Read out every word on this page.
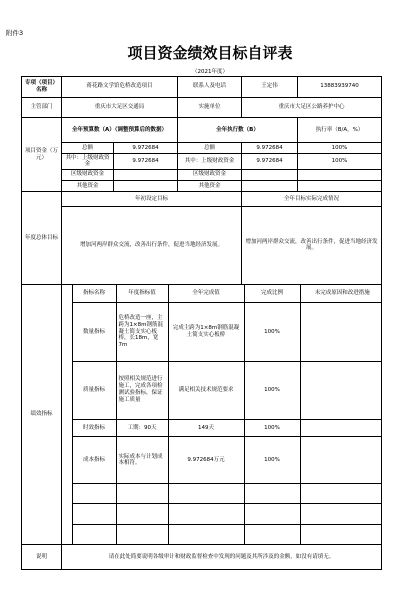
附件3
项目资金绩效目标自评表
（2021年度）
专项（项目）名称	蒋花路文学馆危桥改造项目	联系人及电话	王定伟	13883939740
主管部门	重庆市大足区交通局	实施单位	重庆市大足区公路养护中心
项目资金（万元）	全年预算数（A）（调整预算后的数据）	全年执行数（B）	执行率（B/A，%）
总额	9.972684	总额	9.972684	100%
其中：上级财政资金	9.972684	其中：上级财政资金	9.972684	100%
区级财政资金		区级财政资金		
其他资金		其他资金		
年度总体目标	年初设定目标	全年目标实际完成情况
增加河两岸群众交流，改善出行条件，促进当地经济发展。	增加河两岸群众交流，改善出行条件，促进当地经济发展。
绩效指标	
	指标名称	年度指标值	全年完成值	完成比例	未完成原因和改进措施
	数量指标	危桥改造一座，主跨为1×8m钢筋混凝土简支实心板桥，长18m，宽7m	完成主跨为1×8m钢筋混凝土简支实心板桥	100%	
	质量指标	按照相关规范进行施工，完成各项检测试验指标，保证施工质量	满足相关技术规范要求	100%	
	时效指标	工期：90天	149天	100%	
	成本指标	实际成本与计划成本相符。	9.972684万元	100%	

说明	请在此处简要说明各级审计和财政监督检查中发现的问题及其所涉及的金额，如没有请填无。
